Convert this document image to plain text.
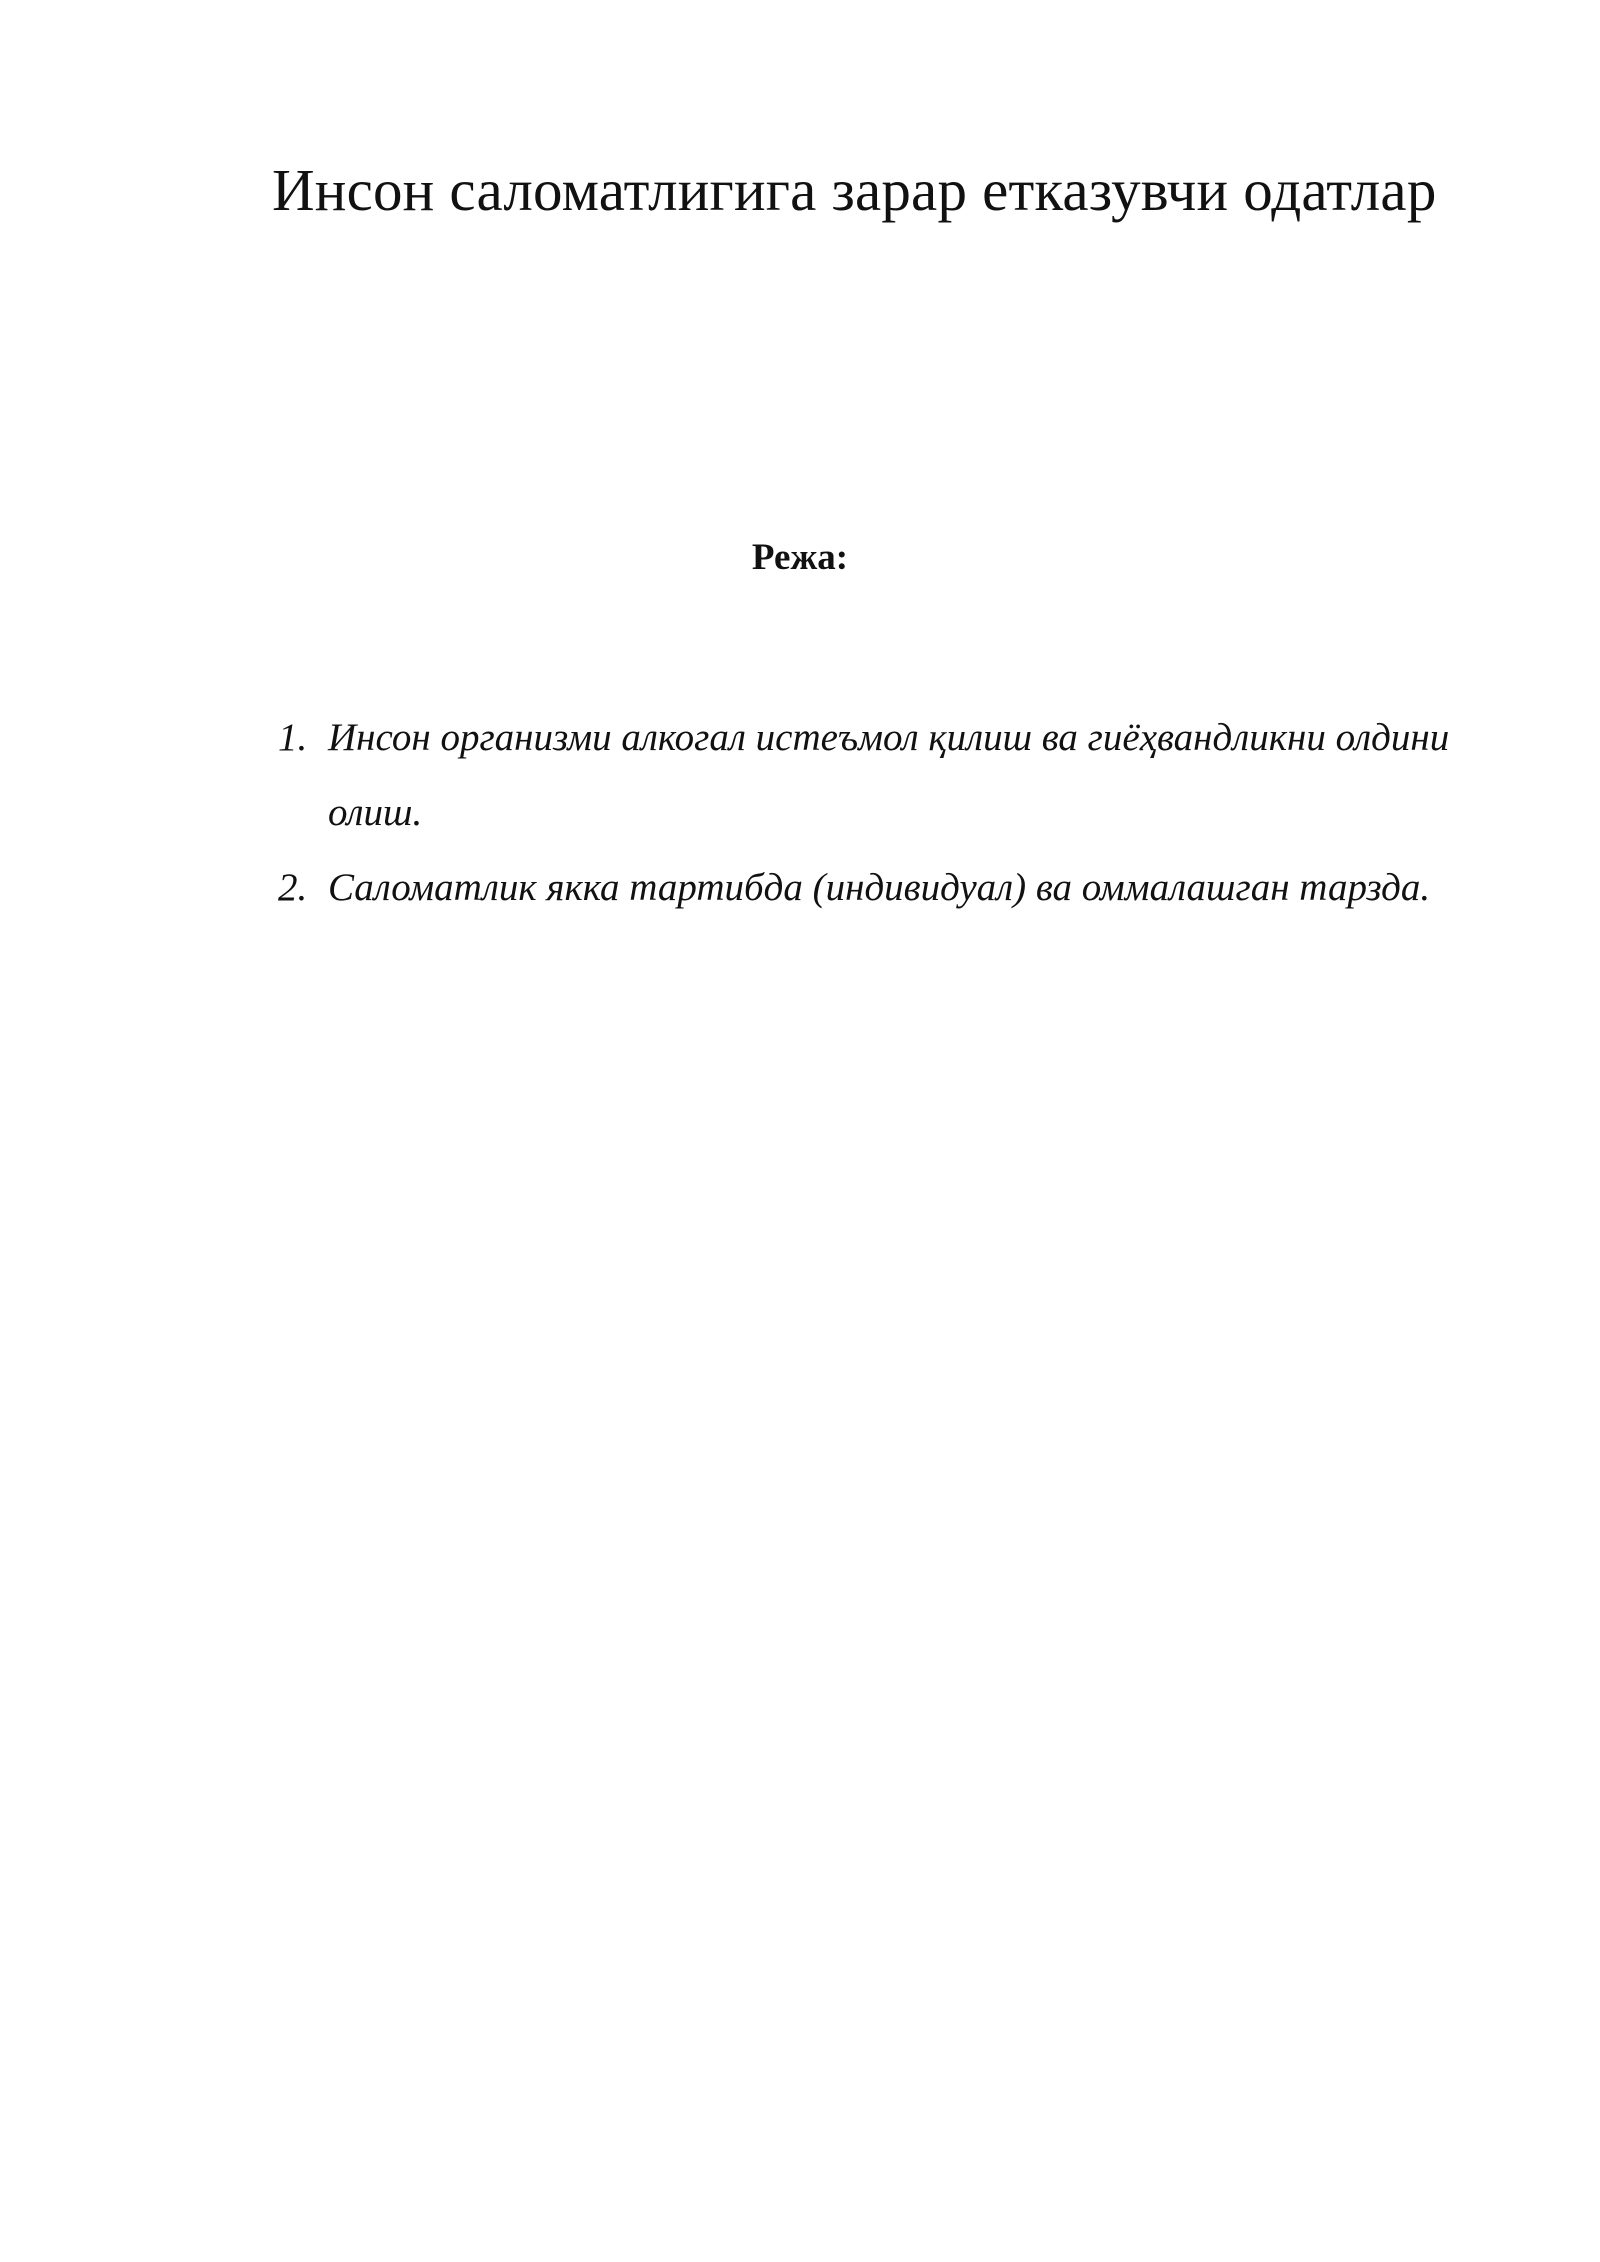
Инсон саломатлигига зарар етказувчи одатлар
Режа:
1. Инсон организми алкогал истеъмол қилиш ва гиёҳвандликни олдини олиш.
2. Саломатлик якка тартибда (индивидуал) ва оммалашган тарзда.
